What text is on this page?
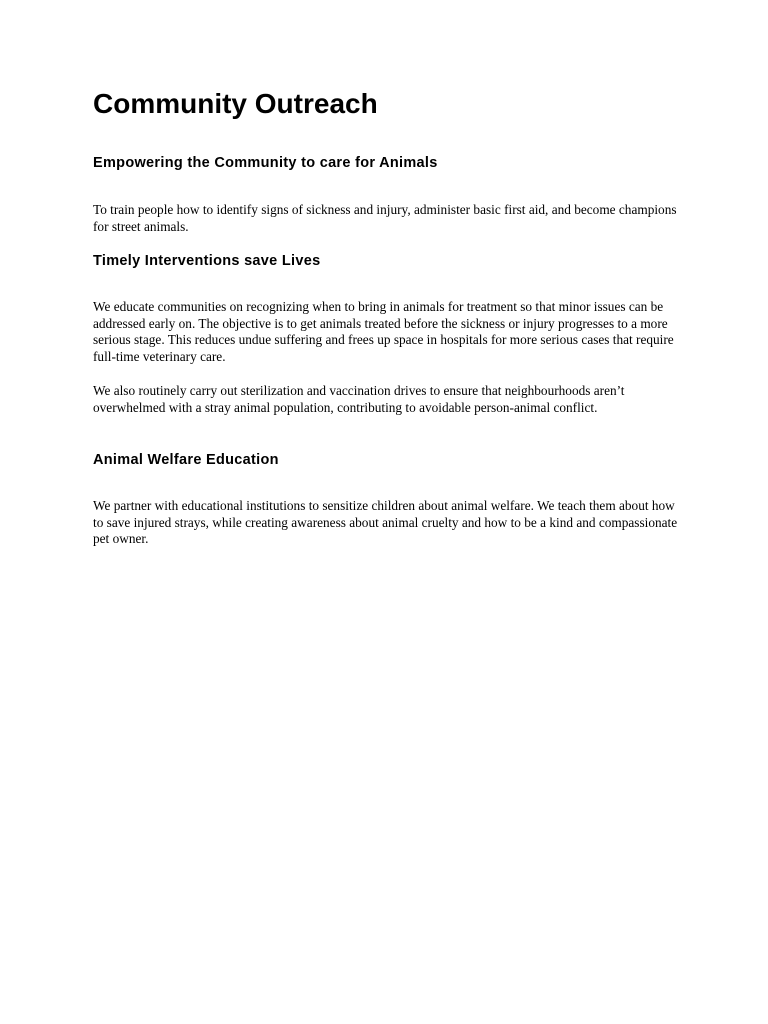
Community Outreach
Empowering the Community to care for Animals

To train people how to identify signs of sickness and injury, administer basic first aid, and become champions for street animals.

Timely Interventions save Lives

We educate communities on recognizing when to bring in animals for treatment so that minor issues can be addressed early on. The objective is to get animals treated before the sickness or injury progresses to a more serious stage. This reduces undue suffering and frees up space in hospitals for more serious cases that require full-time veterinary care.

We also routinely carry out sterilization and vaccination drives to ensure that neighbourhoods aren’t overwhelmed with a stray animal population, contributing to avoidable person-animal conflict.

Animal Welfare Education

We partner with educational institutions to sensitize children about animal welfare. We teach them about how to save injured strays, while creating awareness about animal cruelty and how to be a kind and compassionate pet owner.
